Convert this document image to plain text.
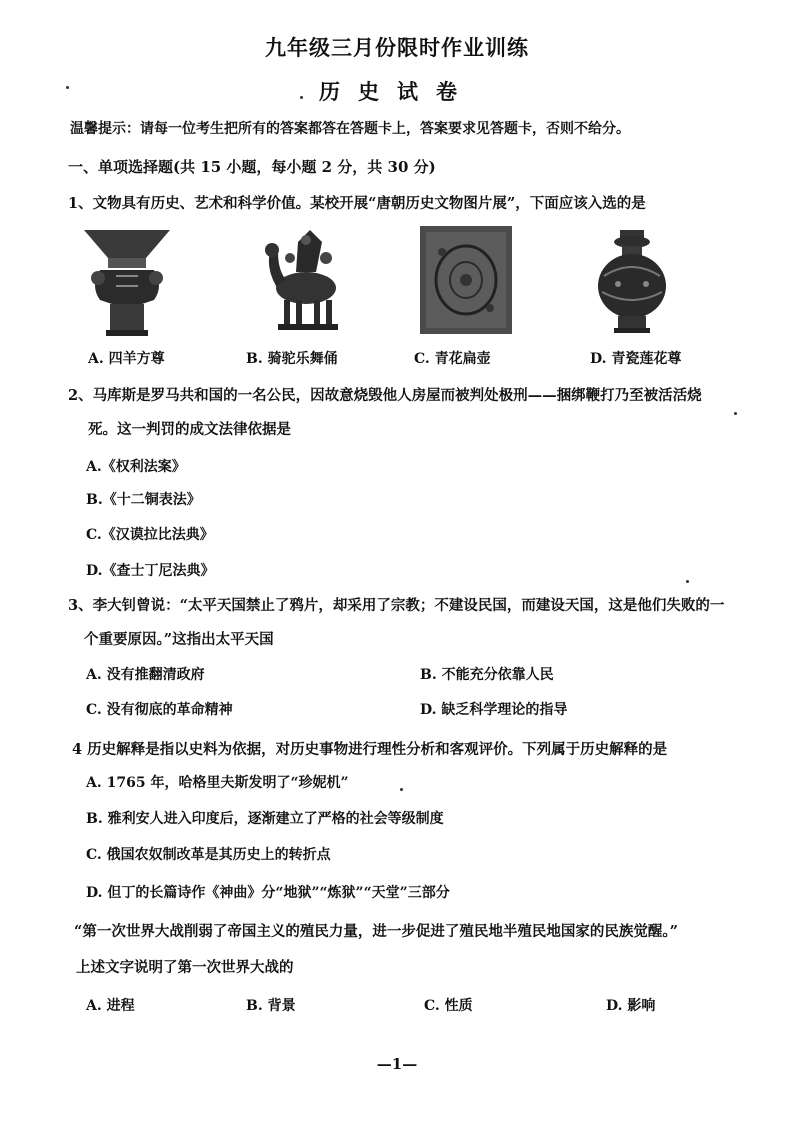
九年级三月份限时作业训练
历史试卷
温馨提示：请每一位考生把所有的答案都答在答题卡上，答案要求见答题卡，否则不给分。
一、单项选择题(共 15 小题，每小题 2 分，共 30 分)
1、文物具有历史、艺术和科学价值。某校开展“唐朝历史文物图片展”，下面应该入选的是
A. 四羊方尊	B. 骑驼乐舞俑	C. 青花扁壶	D. 青瓷莲花尊
2、马库斯是罗马共和国的一名公民，因故意烧毁他人房屋而被判处极刑——捆绑鞭打乃至被活活烧
死。这一判罚的成文法律依据是
A.《权利法案》
B.《十二铜表法》
C.《汉谟拉比法典》
D.《查士丁尼法典》
3、李大钊曾说：“太平天国禁止了鸦片，却采用了宗教；不建设民国，而建设天国，这是他们失败的一
个重要原因。”这指出太平天国
A. 没有推翻清政府	B. 不能充分依靠人民
C. 没有彻底的革命精神	D. 缺乏科学理论的指导
4 历史解释是指以史料为依据，对历史事物进行理性分析和客观评价。下列属于历史解释的是
A. 1765 年，哈格里夫斯发明了“珍妮机”
B. 雅利安人进入印度后，逐渐建立了严格的社会等级制度
C. 俄国农奴制改革是其历史上的转折点
D. 但丁的长篇诗作《神曲》分“地狱”“炼狱”“天堂”三部分
“第一次世界大战削弱了帝国主义的殖民力量，进一步促进了殖民地半殖民地国家的民族觉醒。”
上述文字说明了第一次世界大战的
A. 进程	B. 背景	C. 性质	D. 影响
—1—
